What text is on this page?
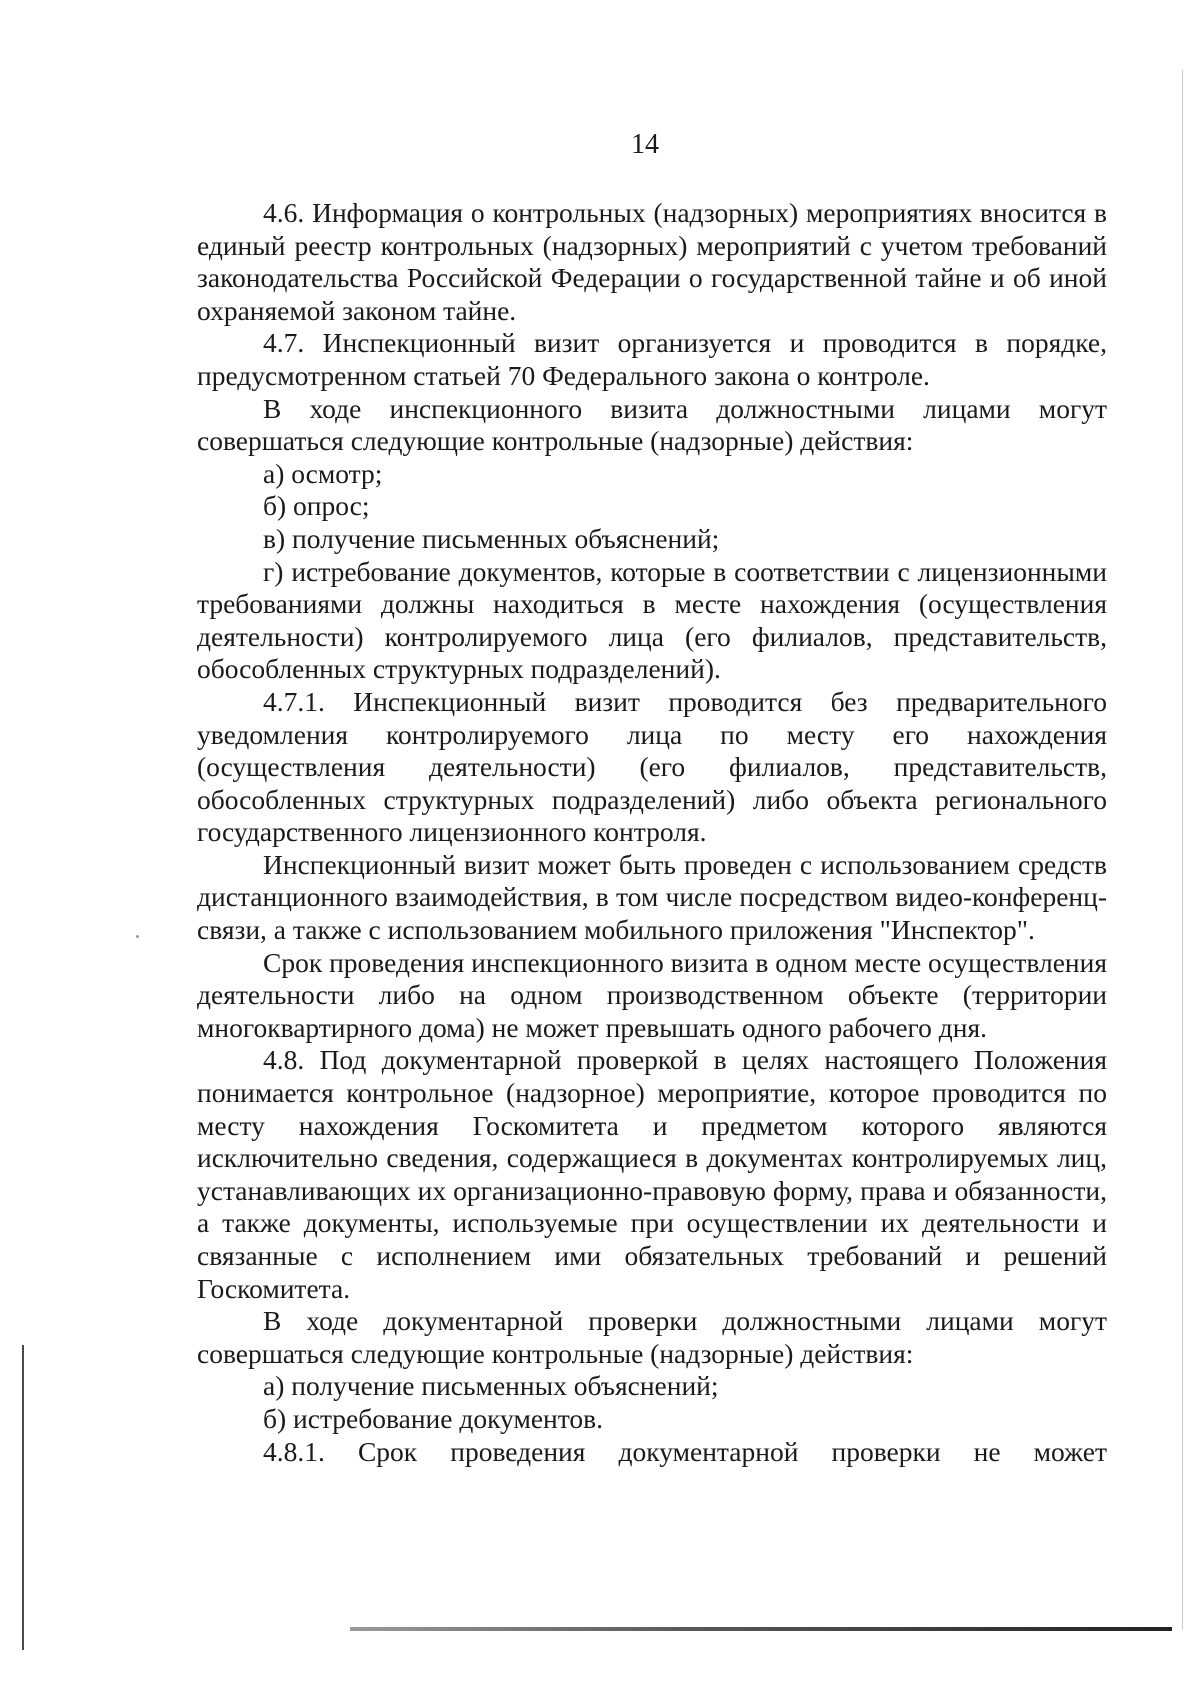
14

4.6. Информация о контрольных (надзорных) мероприятиях вносится в единый реестр контрольных (надзорных) мероприятий с учетом требований законодательства Российской Федерации о государственной тайне и об иной охраняемой законом тайне.

4.7. Инспекционный визит организуется и проводится в порядке, предусмотренном статьей 70 Федерального закона о контроле.

В ходе инспекционного визита должностными лицами могут совершаться следующие контрольные (надзорные) действия:

а) осмотр;

б) опрос;

в) получение письменных объяснений;

г) истребование документов, которые в соответствии с лицензионными требованиями должны находиться в месте нахождения (осуществления деятельности) контролируемого лица (его филиалов, представительств, обособленных структурных подразделений).

4.7.1. Инспекционный визит проводится без предварительного уведомления контролируемого лица по месту его нахождения (осуществления деятельности) (его филиалов, представительств, обособленных структурных подразделений) либо объекта регионального государственного лицензионного контроля.

Инспекционный визит может быть проведен с использованием средств дистанционного взаимодействия, в том числе посредством видео-конференц-связи, а также с использованием мобильного приложения "Инспектор".

Срок проведения инспекционного визита в одном месте осуществления деятельности либо на одном производственном объекте (территории многоквартирного дома) не может превышать одного рабочего дня.

4.8. Под документарной проверкой в целях настоящего Положения понимается контрольное (надзорное) мероприятие, которое проводится по месту нахождения Госкомитета и предметом которого являются исключительно сведения, содержащиеся в документах контролируемых лиц, устанавливающих их организационно-правовую форму, права и обязанности, а также документы, используемые при осуществлении их деятельности и связанные с исполнением ими обязательных требований и решений Госкомитета.

В ходе документарной проверки должностными лицами могут совершаться следующие контрольные (надзорные) действия:

а) получение письменных объяснений;

б) истребование документов.

4.8.1. Срок проведения документарной проверки не может
